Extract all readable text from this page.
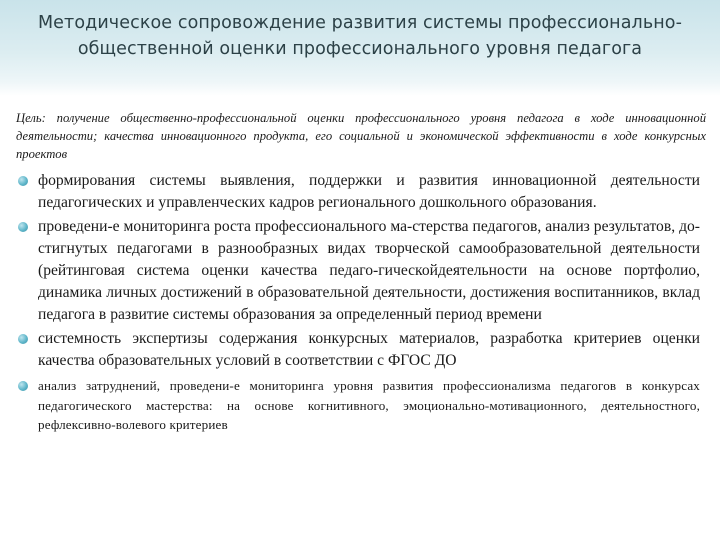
Методическое сопровождение развития системы профессионально-общественной оценки профессионального уровня педагога
Цель: получение общественно-профессиональной оценки профессионального уровня педагога в ходе инновационной деятельности; качества инновационного продукта, его социальной и экономической эффективности в ходе конкурсных проектов
формирования системы выявления, поддержки и развития инновационной деятельности педагогических и управленческих кадров регионального дошкольного образования.
проведени-е мониторинга роста профессионального ма-стерства педагогов, анализ результатов, до-стигнутых педагогами в разнообразных видах творческой самообразовательной деятельности (рейтинговая система оценки качества педаго-гическойдеятельности на основе портфолио, динамика личных достижений в образовательной деятельности, достижения воспитанников, вклад педагога в развитие системы образования за определенный период времени
системность экспертизы содержания конкурсных материалов, разработка критериев оценки качества образовательных условий в соответствии с ФГОС ДО
анализ затруднений, проведени-е мониторинга уровня развития профессионализма педагогов в конкурсах педагогического мастерства: на основе когнитивного, эмоционально-мотивационного, деятельностного, рефлексивно-волевого критериев
